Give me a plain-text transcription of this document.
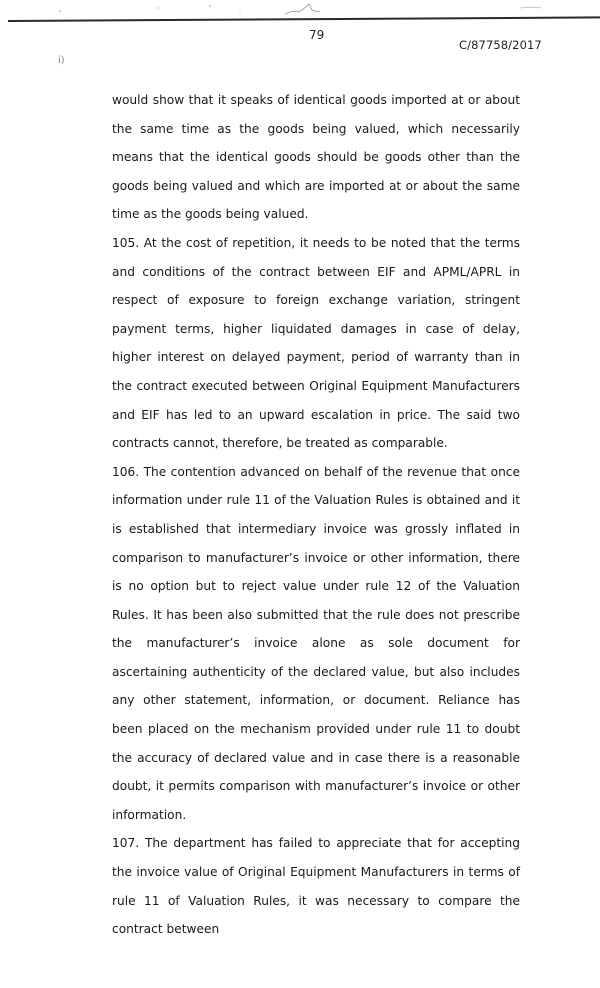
79
C/87758/2017
i)

would show that it speaks of identical goods imported at or about the same time as the goods being valued, which necessarily means that the identical goods should be goods other than the goods being valued and which are imported at or about the same time as the goods being valued.

105. At the cost of repetition, it needs to be noted that the terms and conditions of the contract between EIF and APML/APRL in respect of exposure to foreign exchange variation, stringent payment terms, higher liquidated damages in case of delay, higher interest on delayed payment, period of warranty than in the contract executed between Original Equipment Manufacturers and EIF has led to an upward escalation in price. The said two contracts cannot, therefore, be treated as comparable.

106. The contention advanced on behalf of the revenue that once information under rule 11 of the Valuation Rules is obtained and it is established that intermediary invoice was grossly inflated in comparison to manufacturer’s invoice or other information, there is no option but to reject value under rule 12 of the Valuation Rules. It has been also submitted that the rule does not prescribe the manufacturer’s invoice alone as sole document for ascertaining authenticity of the declared value, but also includes any other statement, information, or document. Reliance has been placed on the mechanism provided under rule 11 to doubt the accuracy of declared value and in case there is a reasonable doubt, it permits comparison with manufacturer’s invoice or other information.

107. The department has failed to appreciate that for accepting the invoice value of Original Equipment Manufacturers in terms of rule 11 of Valuation Rules, it was necessary to compare the contract between
